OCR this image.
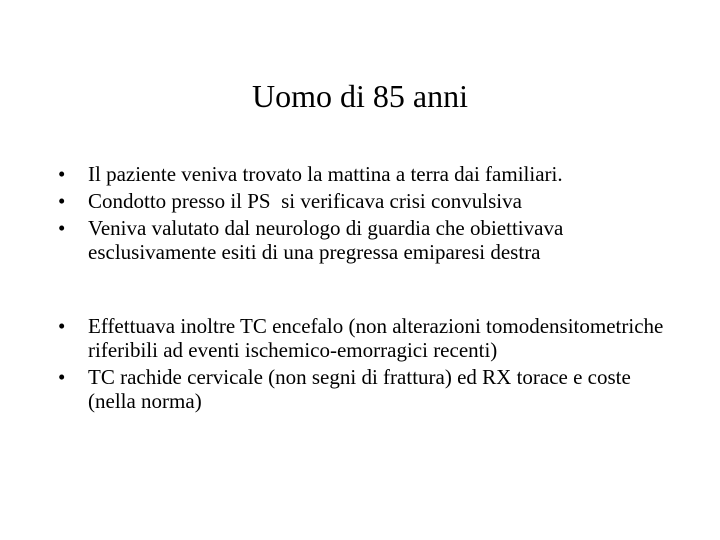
Uomo di 85 anni
•	Il paziente veniva trovato la mattina a terra dai familiari.
•	Condotto presso il PS  si verificava crisi convulsiva
•	Veniva valutato dal neurologo di guardia che obiettivava esclusivamente esiti di una pregressa emiparesi destra
•	Effettuava inoltre TC encefalo (non alterazioni tomodensitometriche riferibili ad eventi ischemico-emorragici recenti)
•	TC rachide cervicale (non segni di frattura) ed RX torace e coste (nella norma)
